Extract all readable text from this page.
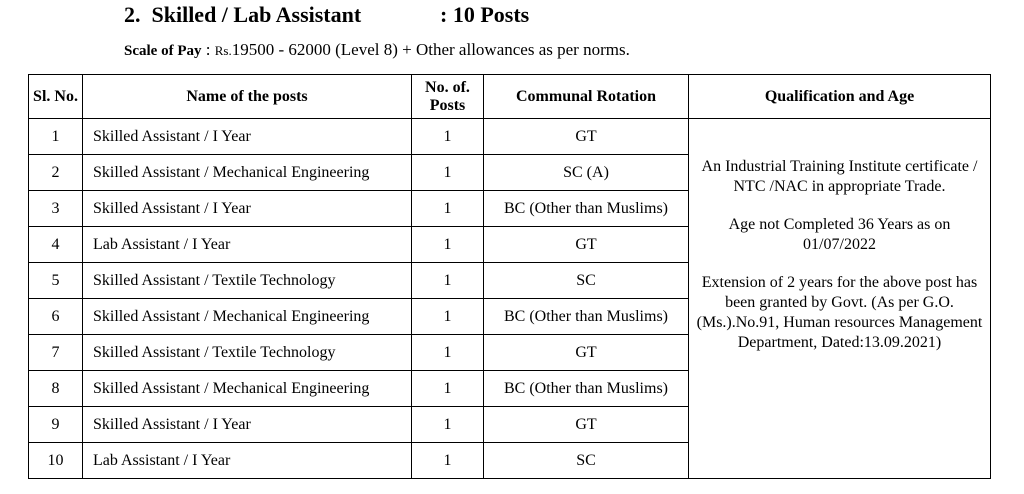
2.  Skilled / Lab Assistant	: 10 Posts
Scale of Pay : Rs.19500 - 62000 (Level 8) + Other allowances as per norms.
Sl. No.	Name of the posts	No. of. Posts	Communal Rotation	Qualification and Age
1	Skilled Assistant / I Year	1	GT	An Industrial Training Institute certificate / NTC /NAC in appropriate Trade.
Age not Completed 36 Years as on 01/07/2022
Extension of 2 years for the above post has been granted by Govt. (As per G.O.(Ms.).No.91, Human resources Management Department, Dated:13.09.2021)

2	Skilled Assistant / Mechanical Engineering	1	SC (A)	
3	Skilled Assistant / I Year	1	BC (Other than Muslims)	
4	Lab Assistant / I Year	1	GT	
5	Skilled Assistant / Textile Technology	1	SC	
6	Skilled Assistant / Mechanical Engineering	1	BC (Other than Muslims)	
7	Skilled Assistant / Textile Technology	1	GT	
8	Skilled Assistant / Mechanical Engineering	1	BC (Other than Muslims)	
9	Skilled Assistant / I Year	1	GT	
10	Lab Assistant / I Year	1	SC	
